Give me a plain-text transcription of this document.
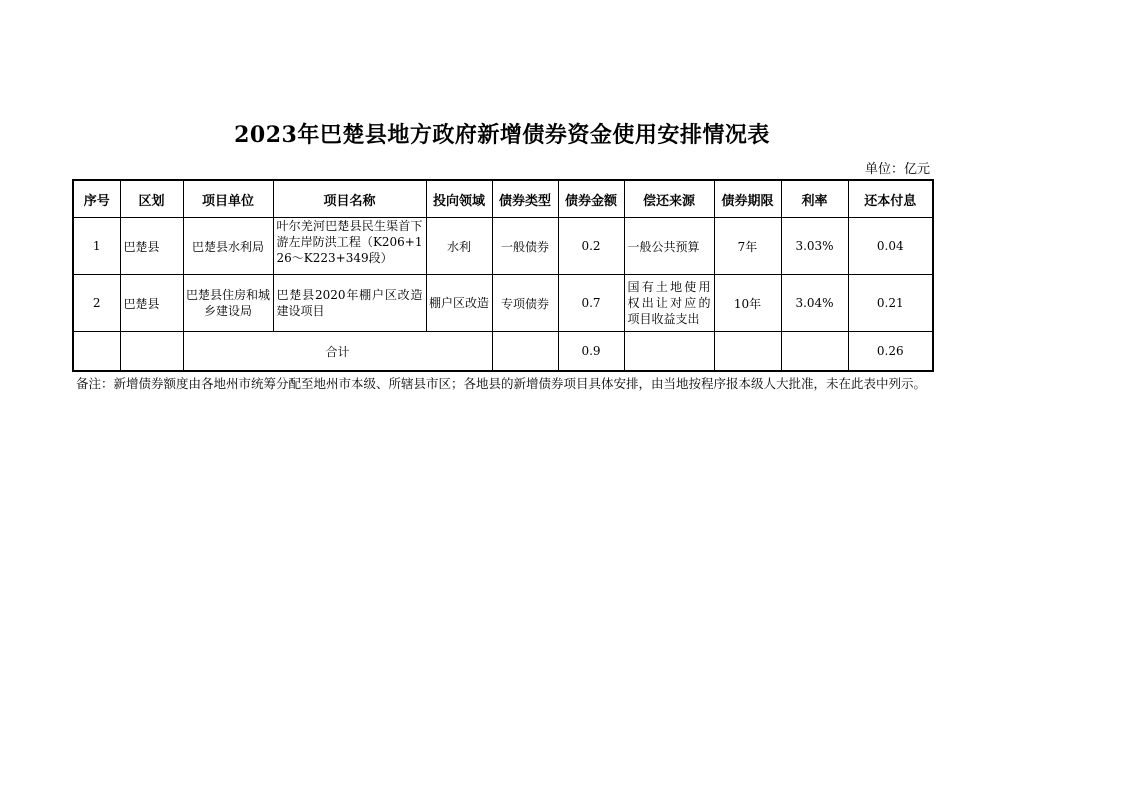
2023年巴楚县地方政府新增债券资金使用安排情况表
单位：亿元
序号	区划	项目单位	项目名称	投向领域	债券类型	债券金额	偿还来源	债券期限	利率	还本付息
1	巴楚县	巴楚县水利局	叶尔羌河巴楚县民生渠首下游左岸防洪工程（K206+126～K223+349段）	水利	一般债券	0.2	一般公共预算	7年	3.03%	0.04
2	巴楚县	巴楚县住房和城乡建设局	巴楚县2020年棚户区改造建设项目	棚户区改造	专项债券	0.7	国有土地使用权出让对应的项目收益支出	10年	3.04%	0.21
		合计				0.9				0.26
备注：新增债券额度由各地州市统筹分配至地州市本级、所辖县市区；各地县的新增债券项目具体安排，由当地按程序报本级人大批准，未在此表中列示。
